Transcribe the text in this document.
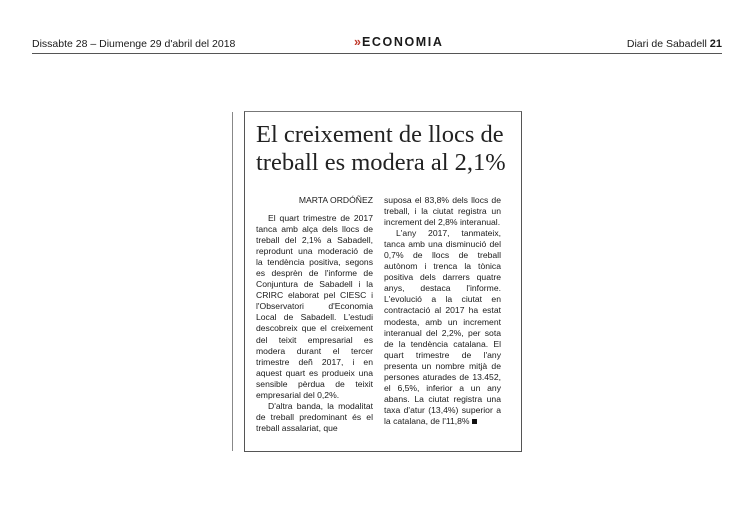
Dissabte 28 – Diumenge 29 d'abril del 2018	» ECONOMIA	Diari de Sabadell 21
El creixement de llocs de treball es modera al 2,1%
MARTA ORDÓÑEZ

El quart trimestre de 2017 tanca amb alça dels llocs de treball del 2,1% a Sabadell, reprodunt una moderació de la tendència positiva, segons es desprèn de l'informe de Conjuntura de Sabadell i la CRIRC elaborat pel CIESC i l'Observatori d'Economia Local de Sabadell. L'estudi descobreix que el creixement del teixit empresarial es modera durant el tercer trimestre deñ 2017, i en aquest quart es produeix una sensible pèrdua de teixit empresarial del 0,2%.

D'altra banda, la modalitat de treball predominant és el treball assalariat, que

suposa el 83,8% dels llocs de treball, i la ciutat registra un increment del 2,8% interanual.

L'any 2017, tanmateix, tanca amb una disminució del 0,7% de llocs de treball autònom i trenca la tònica positiva dels darrers quatre anys, destaca l'informe. L'evolució a la ciutat en contractació al 2017 ha estat modesta, amb un increment interanual del 2,2%, per sota de la tendència catalana. El quart trimestre de l'any presenta un nombre mitjà de persones aturades de 13.452, el 6,5%, inferior a un any abans. La ciutat registra una taxa d'atur (13,4%) superior a la catalana, de l'11,8%
